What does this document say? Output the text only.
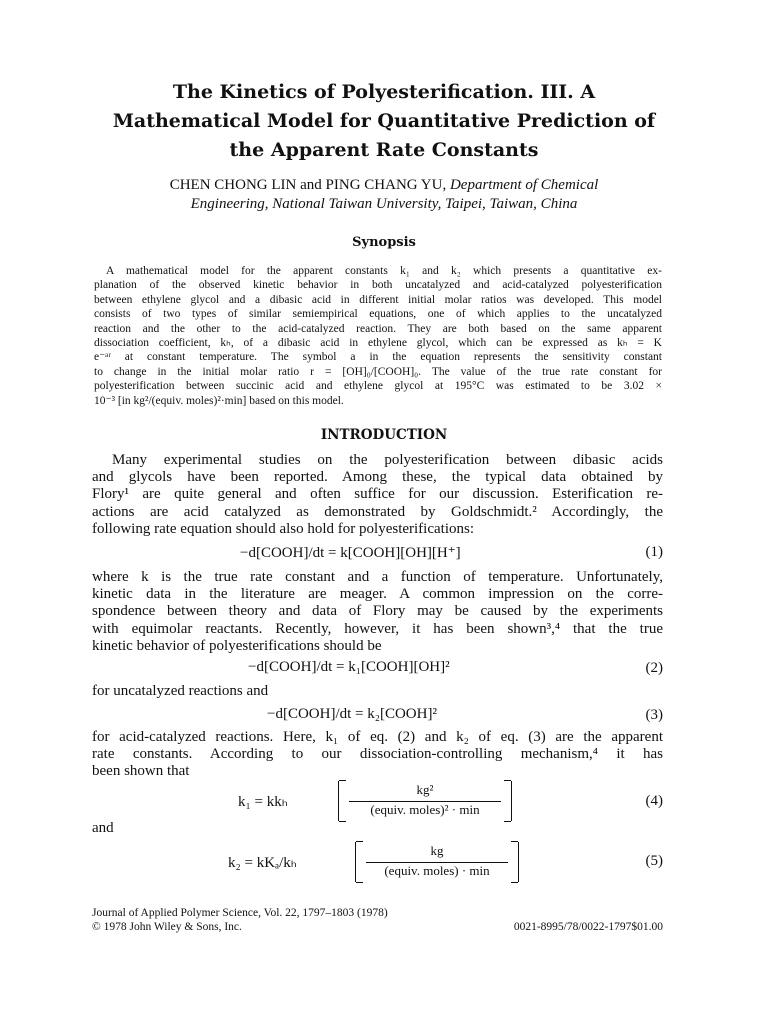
The Kinetics of Polyesterification. III. A
Mathematical Model for Quantitative Prediction of
the Apparent Rate Constants
CHEN CHONG LIN and PING CHANG YU, Department of Chemical
Engineering, National Taiwan University, Taipei, Taiwan, China
Synopsis
A mathematical model for the apparent constants k₁ and k₂ which presents a quantitative ex-
planation of the observed kinetic behavior in both uncatalyzed and acid-catalyzed polyesterification
between ethylene glycol and a dibasic acid in different initial molar ratios was developed. This model
consists of two types of similar semiempirical equations, one of which applies to the uncatalyzed
reaction and the other to the acid-catalyzed reaction. They are both based on the same apparent
dissociation coefficient, kₕ, of a dibasic acid in ethylene glycol, which can be expressed as kₕ = K
e⁻ᵃʳ at constant temperature. The symbol a in the equation represents the sensitivity constant
to change in the initial molar ratio r = [OH]₀/[COOH]₀. The value of the true rate constant for
polyesterification between succinic acid and ethylene glycol at 195°C was estimated to be 3.02 ×
10⁻³ [in kg²/(equiv. moles)²·min] based on this model.
INTRODUCTION
Many experimental studies on the polyesterification between dibasic acids
and glycols have been reported. Among these, the typical data obtained by
Flory¹ are quite general and often suffice for our discussion. Esterification re-
actions are acid catalyzed as demonstrated by Goldschmidt.² Accordingly, the
following rate equation should also hold for polyesterifications:
−d[COOH]/dt = k[COOH][OH][H⁺]	(1)
where k is the true rate constant and a function of temperature. Unfortunately,
kinetic data in the literature are meager. A common impression on the corre-
spondence between theory and data of Flory may be caused by the experiments
with equimolar reactants. Recently, however, it has been shown³,⁴ that the true
kinetic behavior of polyesterifications should be
−d[COOH]/dt = k₁[COOH][OH]²	(2)
for uncatalyzed reactions and
−d[COOH]/dt = k₂[COOH]²	(3)
for acid-catalyzed reactions. Here, k₁ of eq. (2) and k₂ of eq. (3) are the apparent
rate constants. According to our dissociation-controlling mechanism,⁴ it has
been shown that
k₁ = kkₕ
kg²
(equiv. moles)² · min
(4)
and
k₂ = kKₐ/kₕ
kg
(equiv. moles) · min
(5)
Journal of Applied Polymer Science, Vol. 22, 1797–1803 (1978)
© 1978 John Wiley & Sons, Inc.	0021-8995/78/0022-1797$01.00
